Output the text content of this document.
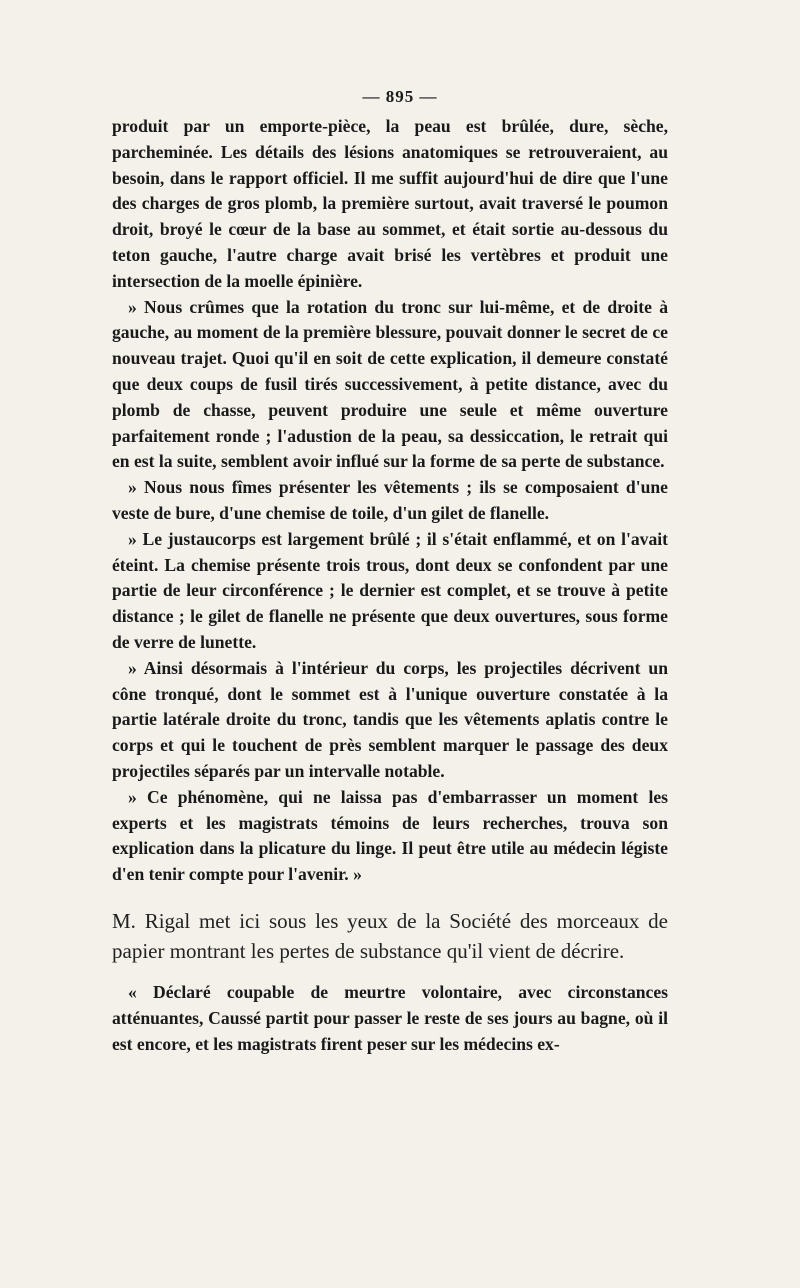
— 895 —

produit par un emporte-pièce, la peau est brûlée, dure, sèche, parcheminée. Les détails des lésions anatomiques se retrouveraient, au besoin, dans le rapport officiel. Il me suffit aujourd'hui de dire que l'une des charges de gros plomb, la première surtout, avait traversé le poumon droit, broyé le cœur de la base au sommet, et était sortie au-dessous du teton gauche, l'autre charge avait brisé les vertèbres et produit une intersection de la moelle épinière.

» Nous crûmes que la rotation du tronc sur lui-même, et de droite à gauche, au moment de la première blessure, pouvait donner le secret de ce nouveau trajet. Quoi qu'il en soit de cette explication, il demeure constaté que deux coups de fusil tirés successivement, à petite distance, avec du plomb de chasse, peuvent produire une seule et même ouverture parfaitement ronde ; l'adustion de la peau, sa dessiccation, le retrait qui en est la suite, semblent avoir influé sur la forme de sa perte de substance.

» Nous nous fîmes présenter les vêtements ; ils se composaient d'une veste de bure, d'une chemise de toile, d'un gilet de flanelle.

» Le justaucorps est largement brûlé ; il s'était enflammé, et on l'avait éteint. La chemise présente trois trous, dont deux se confondent par une partie de leur circonférence ; le dernier est complet, et se trouve à petite distance ; le gilet de flanelle ne présente que deux ouvertures, sous forme de verre de lunette.

» Ainsi désormais à l'intérieur du corps, les projectiles décrivent un cône tronqué, dont le sommet est à l'unique ouverture constatée à la partie latérale droite du tronc, tandis que les vêtements aplatis contre le corps et qui le touchent de près semblent marquer le passage des deux projectiles séparés par un intervalle notable.

» Ce phénomène, qui ne laissa pas d'embarrasser un moment les experts et les magistrats témoins de leurs recherches, trouva son explication dans la plicature du linge. Il peut être utile au médecin légiste d'en tenir compte pour l'avenir. »

M. Rigal met ici sous les yeux de la Société des morceaux de papier montrant les pertes de substance qu'il vient de décrire.

« Déclaré coupable de meurtre volontaire, avec circonstances atténuantes, Caussé partit pour passer le reste de ses jours au bagne, où il est encore, et les magistrats firent peser sur les médecins ex-
